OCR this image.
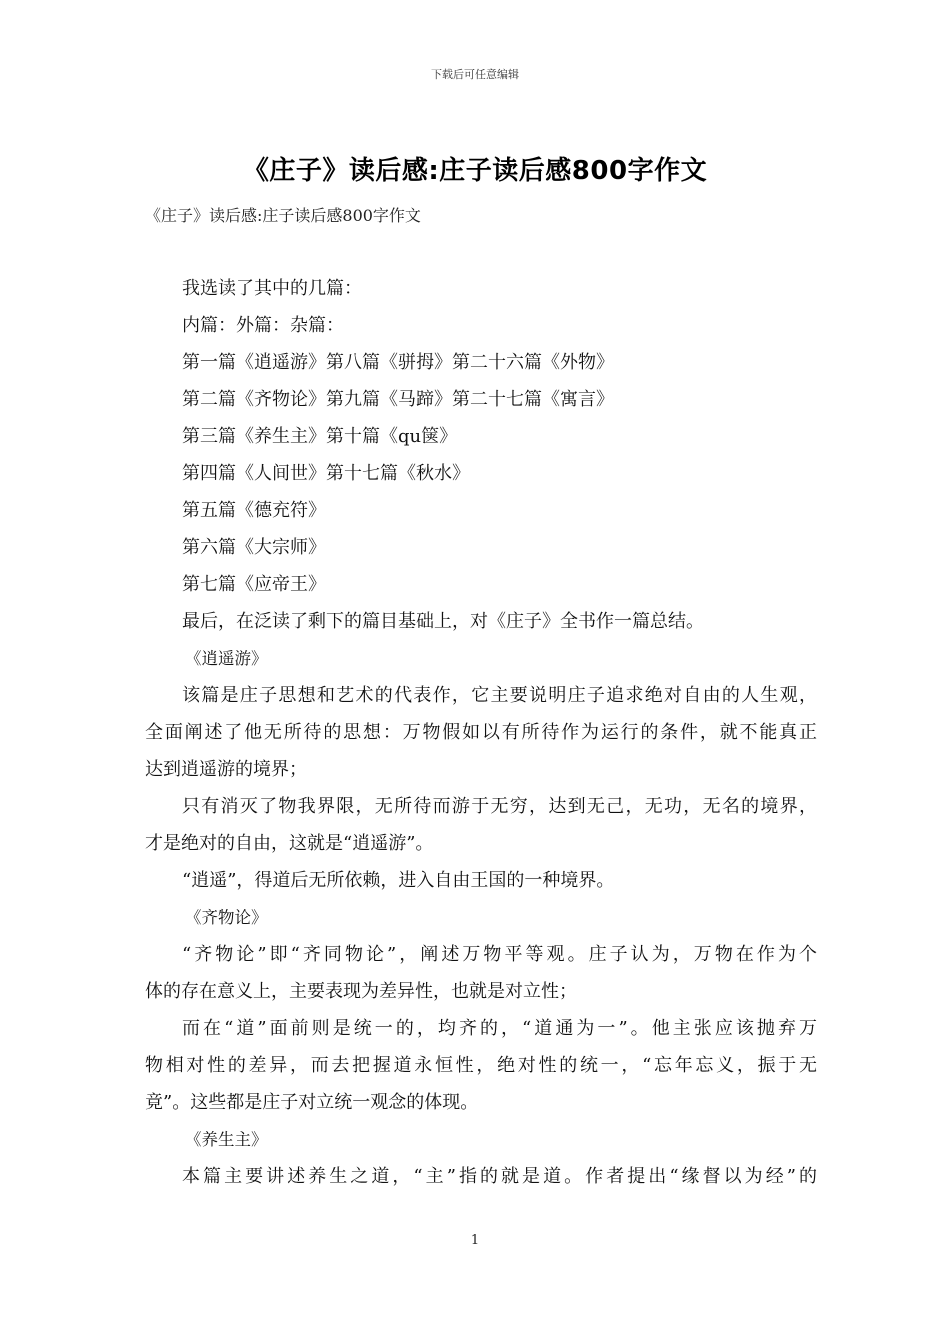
下载后可任意编辑
《庄子》读后感:庄子读后感800字作文
《庄子》读后感:庄子读后感800字作文
我选读了其中的几篇：
内篇：外篇：杂篇：
第一篇《逍遥游》第八篇《骈拇》第二十六篇《外物》
第二篇《齐物论》第九篇《马蹄》第二十七篇《寓言》
第三篇《养生主》第十篇《qu箧》
第四篇《人间世》第十七篇《秋水》
第五篇《德充符》
第六篇《大宗师》
第七篇《应帝王》
最后，在泛读了剩下的篇目基础上，对《庄子》全书作一篇总结。
《逍遥游》
该篇是庄子思想和艺术的代表作，它主要说明庄子追求绝对自由的人生观，
全面阐述了他无所待的思想：万物假如以有所待作为运行的条件，就不能真正
达到逍遥游的境界；
只有消灭了物我界限，无所待而游于无穷，达到无己，无功，无名的境界，
才是绝对的自由，这就是“逍遥游”。
“逍遥”，得道后无所依赖，进入自由王国的一种境界。
《齐物论》
“齐物论”即“齐同物论”，阐述万物平等观。庄子认为，万物在作为个
体的存在意义上，主要表现为差异性，也就是对立性；
而在“道”面前则是统一的，均齐的，“道通为一”。他主张应该抛弃万
物相对性的差异，而去把握道永恒性，绝对性的统一，“忘年忘义，振于无
竟”。这些都是庄子对立统一观念的体现。
《养生主》
本篇主要讲述养生之道，“主”指的就是道。作者提出“缘督以为经”的
1
